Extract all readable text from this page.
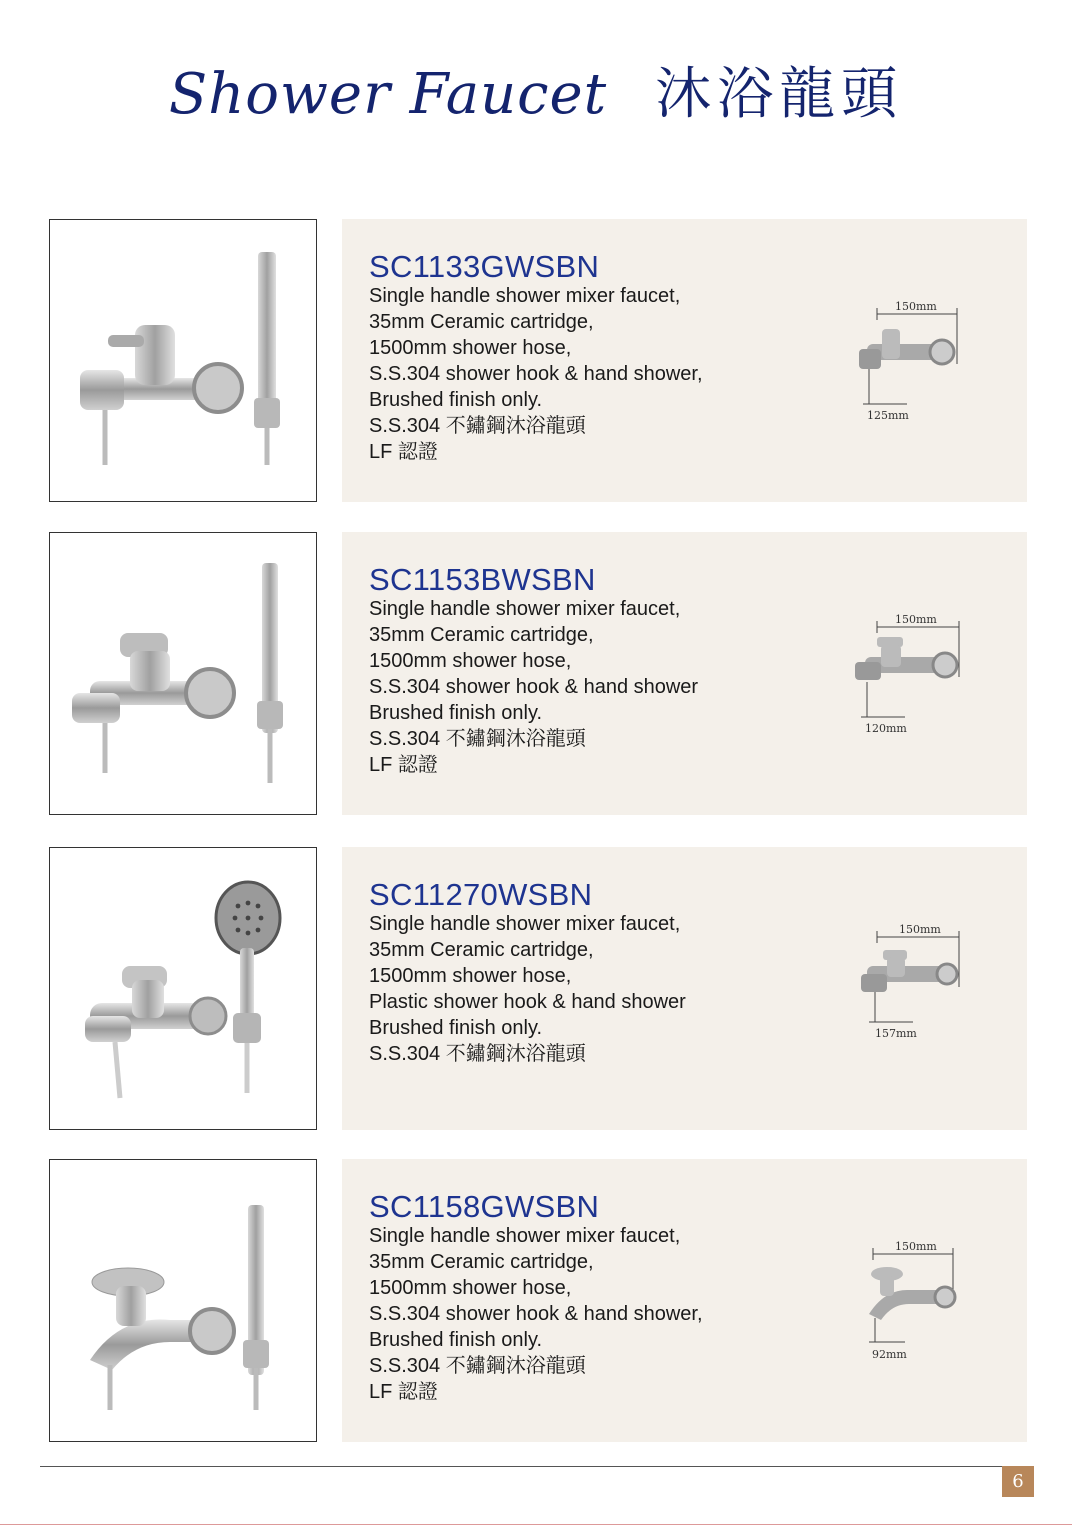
Shower Faucet 沐浴龍頭
SC1133GWSBN
Single handle shower mixer faucet,
35mm Ceramic cartridge,
1500mm shower hose,
S.S.304 shower hook & hand shower,
Brushed finish only.
S.S.304 不鏽鋼沐浴龍頭
LF 認證
150mm
125mm
SC1153BWSBN
Single handle shower mixer faucet,
35mm Ceramic cartridge,
1500mm shower hose,
S.S.304 shower hook & hand shower
Brushed finish only.
S.S.304 不鏽鋼沐浴龍頭
LF 認證
150mm
120mm
SC11270WSBN
Single handle shower mixer faucet,
35mm Ceramic cartridge,
1500mm shower hose,
Plastic shower hook & hand shower
Brushed finish only.
S.S.304 不鏽鋼沐浴龍頭
150mm
157mm
SC1158GWSBN
Single handle shower mixer faucet,
35mm Ceramic cartridge,
1500mm shower hose,
S.S.304 shower hook & hand shower,
Brushed finish only.
S.S.304 不鏽鋼沐浴龍頭
LF 認證
150mm
92mm
6
